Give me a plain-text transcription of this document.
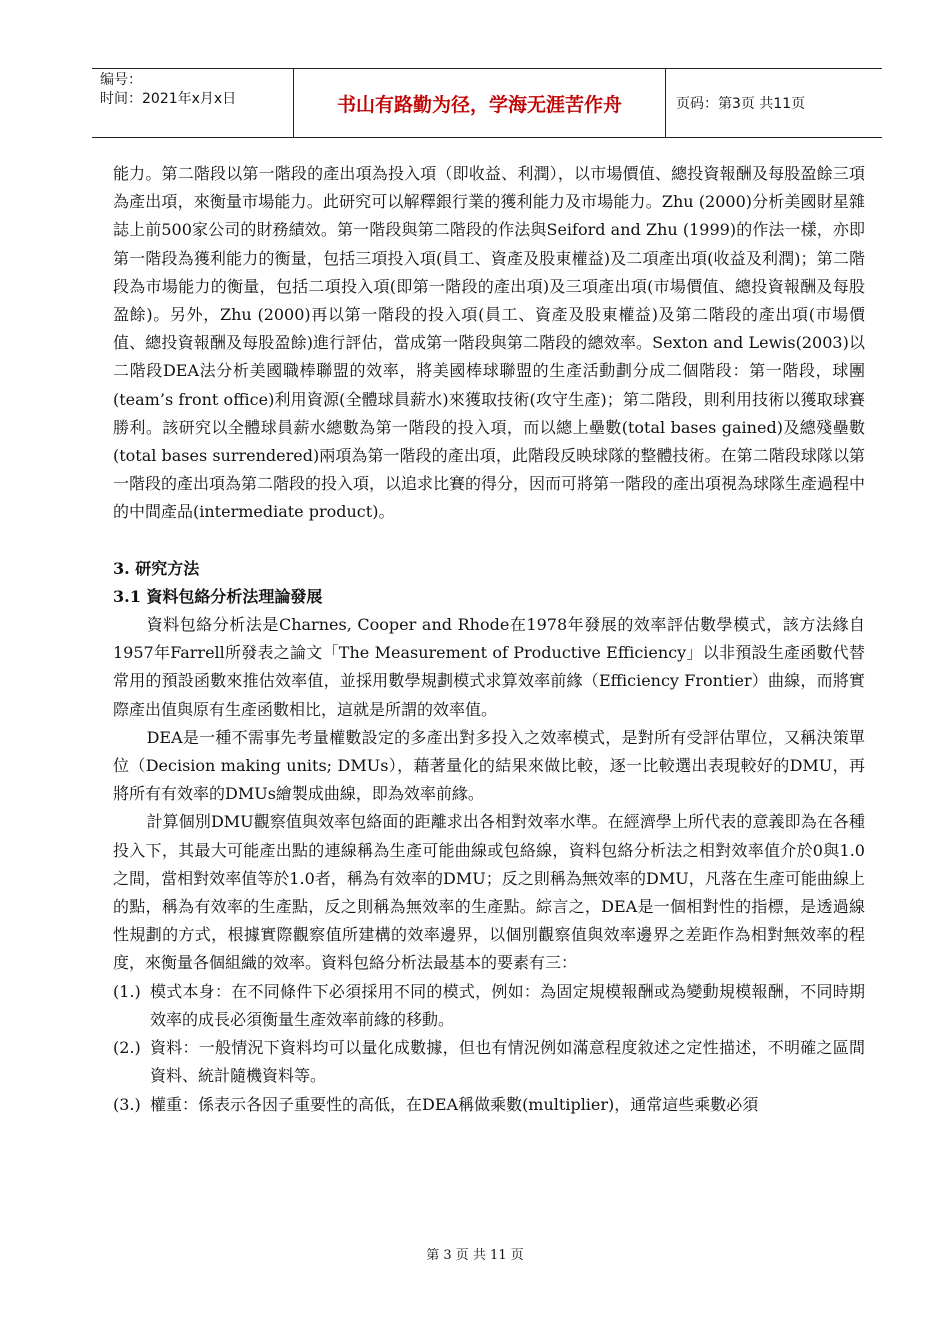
编号：
时间：2021年x月x日	书山有路勤为径，学海无涯苦作舟	页码：第3页 共11页

能力。第二階段以第一階段的產出項為投入項（即收益、利潤），以市場價值、總投資報酬及每股盈餘三項為產出項，來衡量市場能力。此研究可以解釋銀行業的獲利能力及市場能力。Zhu (2000)分析美國財星雜誌上前500家公司的財務績效。第一階段與第二階段的作法與Seiford and Zhu (1999)的作法一樣，亦即第一階段為獲利能力的衡量，包括三項投入項(員工、資產及股東權益)及二項產出項(收益及利潤)；第二階段為市場能力的衡量，包括二項投入項(即第一階段的產出項)及三項產出項(市場價值、總投資報酬及每股盈餘)。另外，Zhu (2000)再以第一階段的投入項(員工、資產及股東權益)及第二階段的產出項(市場價值、總投資報酬及每股盈餘)進行評估，當成第一階段與第二階段的總效率。Sexton and Lewis(2003)以二階段DEA法分析美國職棒聯盟的效率，將美國棒球聯盟的生產活動劃分成二個階段：第一階段，球團(team’s front office)利用資源(全體球員薪水)來獲取技術(攻守生產)；第二階段，則利用技術以獲取球賽勝利。該研究以全體球員薪水總數為第一階段的投入項，而以總上壘數(total bases gained)及總殘壘數(total bases surrendered)兩項為第一階段的產出項，此階段反映球隊的整體技術。在第二階段球隊以第一階段的產出項為第二階段的投入項，以追求比賽的得分，因而可將第一階段的產出項視為球隊生產過程中的中間產品(intermediate product)。

3. 研究方法

3.1 資料包絡分析法理論發展

資料包絡分析法是Charnes, Cooper and Rhode在1978年發展的效率評估數學模式，該方法緣自1957年Farrell所發表之論文「The Measurement of Productive Efficiency」以非預設生產函數代替常用的預設函數來推估效率值，並採用數學規劃模式求算效率前緣（Efficiency Frontier）曲線，而將實際產出值與原有生產函數相比，這就是所謂的效率值。

DEA是一種不需事先考量權數設定的多產出對多投入之效率模式，是對所有受評估單位，又稱決策單位（Decision making units; DMUs），藉著量化的結果來做比較，逐一比較選出表現較好的DMU，再將所有有效率的DMUs繪製成曲線，即為效率前緣。

計算個別DMU觀察值與效率包絡面的距離求出各相對效率水準。在經濟學上所代表的意義即為在各種投入下，其最大可能產出點的連線稱為生產可能曲線或包絡線，資料包絡分析法之相對效率值介於0與1.0之間，當相對效率值等於1.0者，稱為有效率的DMU；反之則稱為無效率的DMU，凡落在生產可能曲線上的點，稱為有效率的生產點，反之則稱為無效率的生產點。綜言之，DEA是一個相對性的指標，是透過線性規劃的方式，根據實際觀察值所建構的效率邊界，以個別觀察值與效率邊界之差距作為相對無效率的程度，來衡量各個組織的效率。資料包絡分析法最基本的要素有三：

(1.) 模式本身：在不同條件下必須採用不同的模式，例如：為固定規模報酬或為變動規模報酬，不同時期效率的成長必須衡量生產效率前緣的移動。
(2.) 資料：一般情況下資料均可以量化成數據，但也有情況例如滿意程度敘述之定性描述，不明確之區間資料、統計隨機資料等。
(3.) 權重：係表示各因子重要性的高低，在DEA稱做乘數(multiplier)，通常這些乘數必須
第 3 页 共 11 页
